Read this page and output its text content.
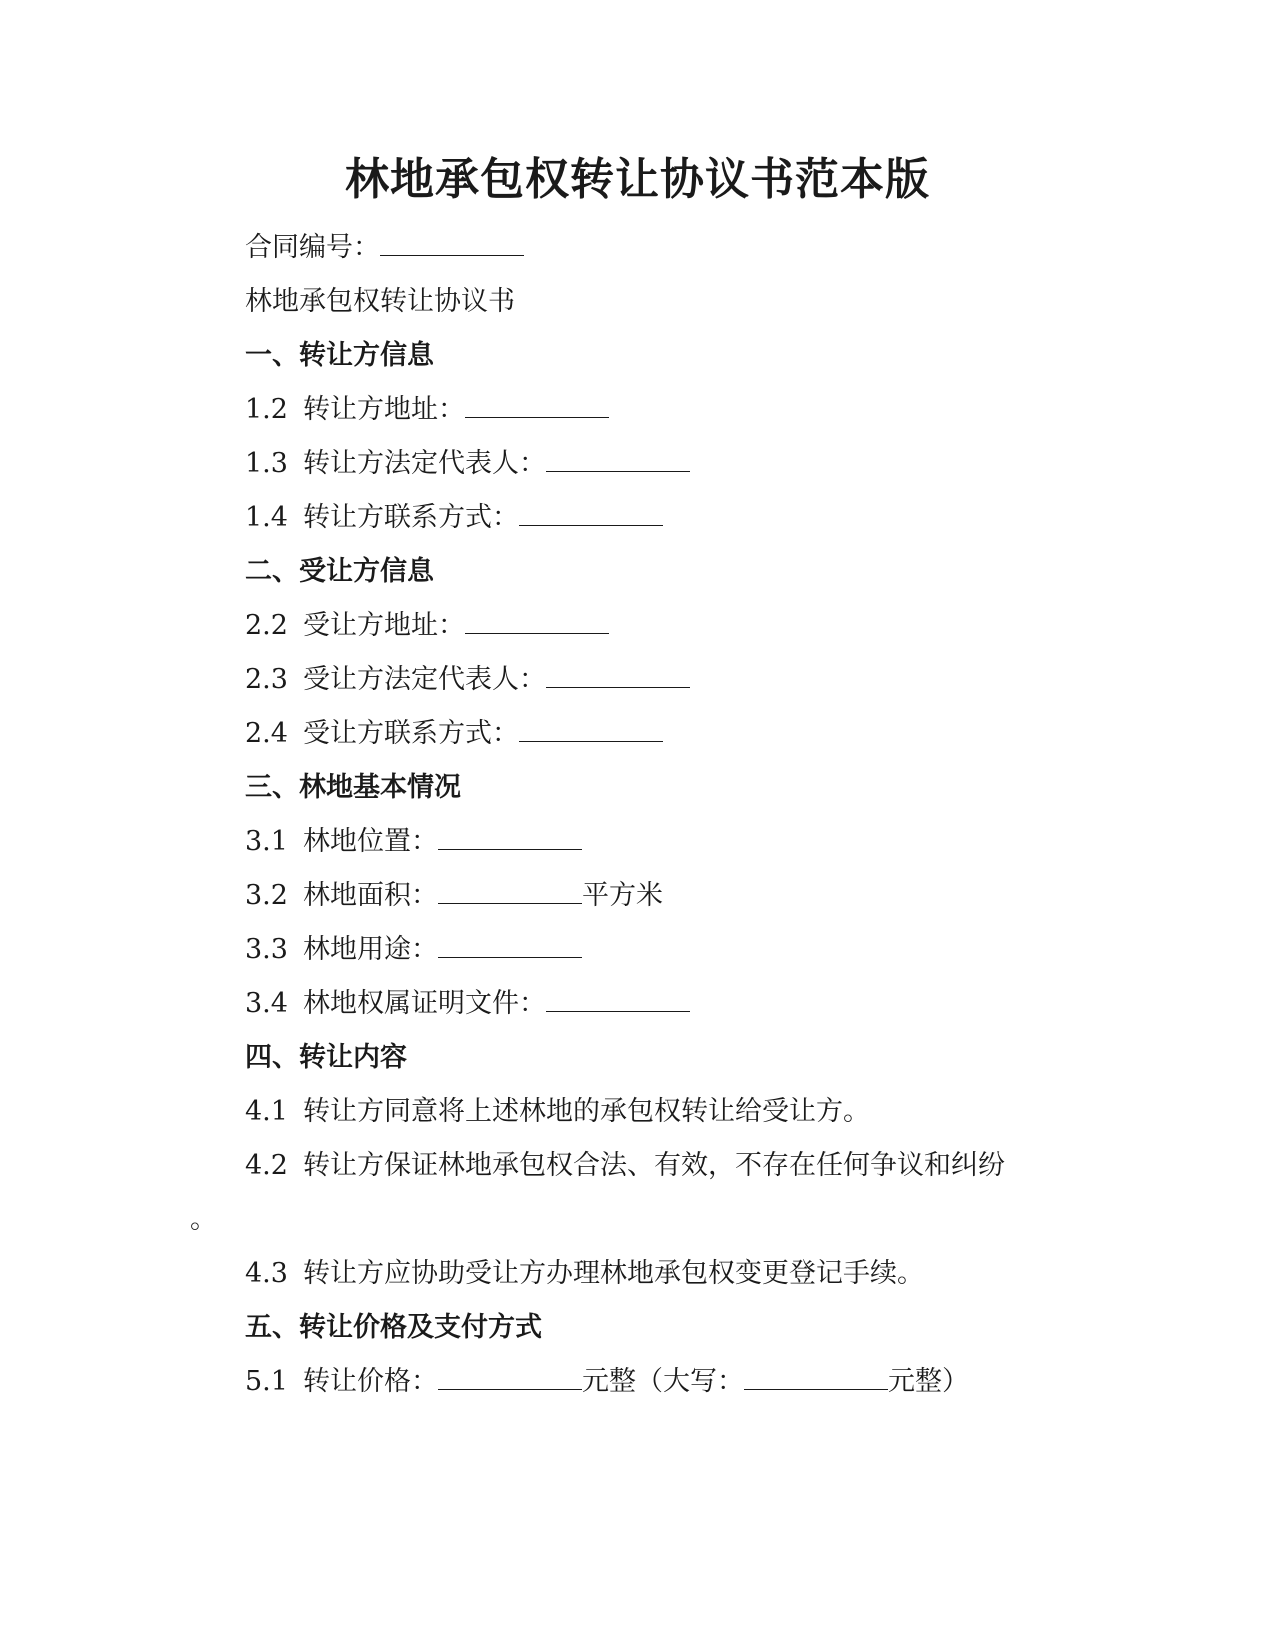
林地承包权转让协议书范本版
合同编号：
林地承包权转让协议书
一、转让方信息
1.2 转让方地址：
1.3 转让方法定代表人：
1.4 转让方联系方式：
二、受让方信息
2.2 受让方地址：
2.3 受让方法定代表人：
2.4 受让方联系方式：
三、林地基本情况
3.1 林地位置：
3.2 林地面积：	平方米
3.3 林地用途：
3.4 林地权属证明文件：
四、转让内容
4.1 转让方同意将上述林地的承包权转让给受让方。
4.2 转让方保证林地承包权合法、有效，不存在任何争议和纠纷
。
4.3 转让方应协助受让方办理林地承包权变更登记手续。
五、转让价格及支付方式
5.1 转让价格：	元整（大写：	元整）
